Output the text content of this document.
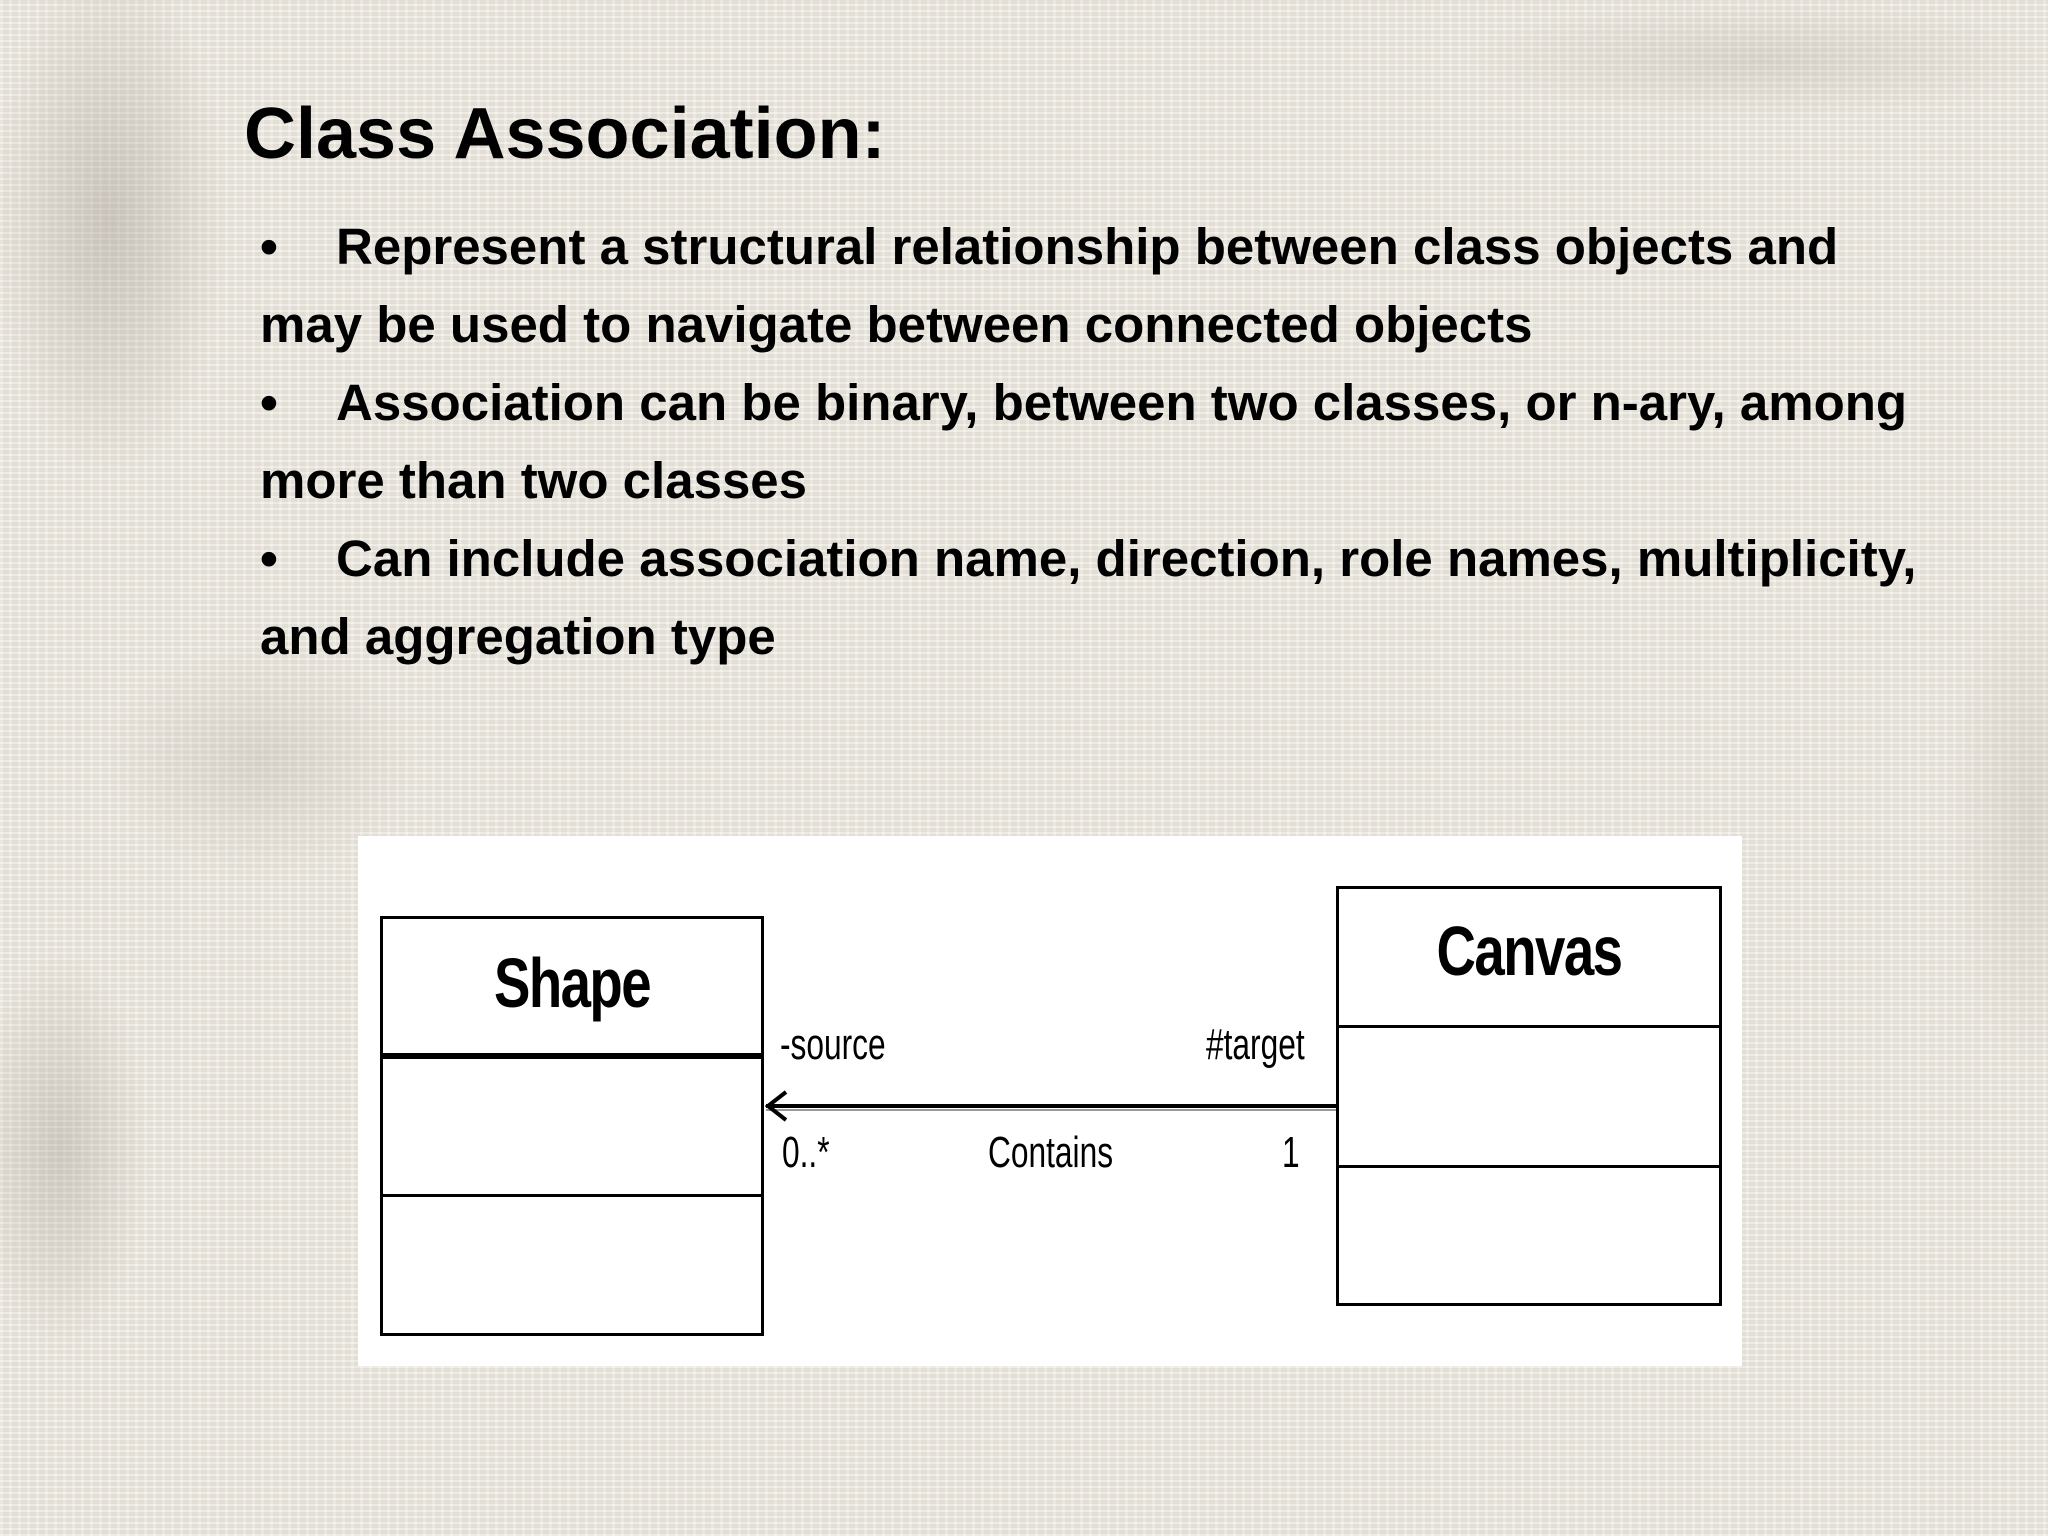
Class Association:
• Represent a structural relationship between class objects and may be used to navigate between connected objects
• Association can be binary, between two classes, or n-ary, among more than two classes
• Can include association name, direction, role names, multiplicity, and aggregation type
Shape	Canvas
-source	#target
0..*	Contains	1
